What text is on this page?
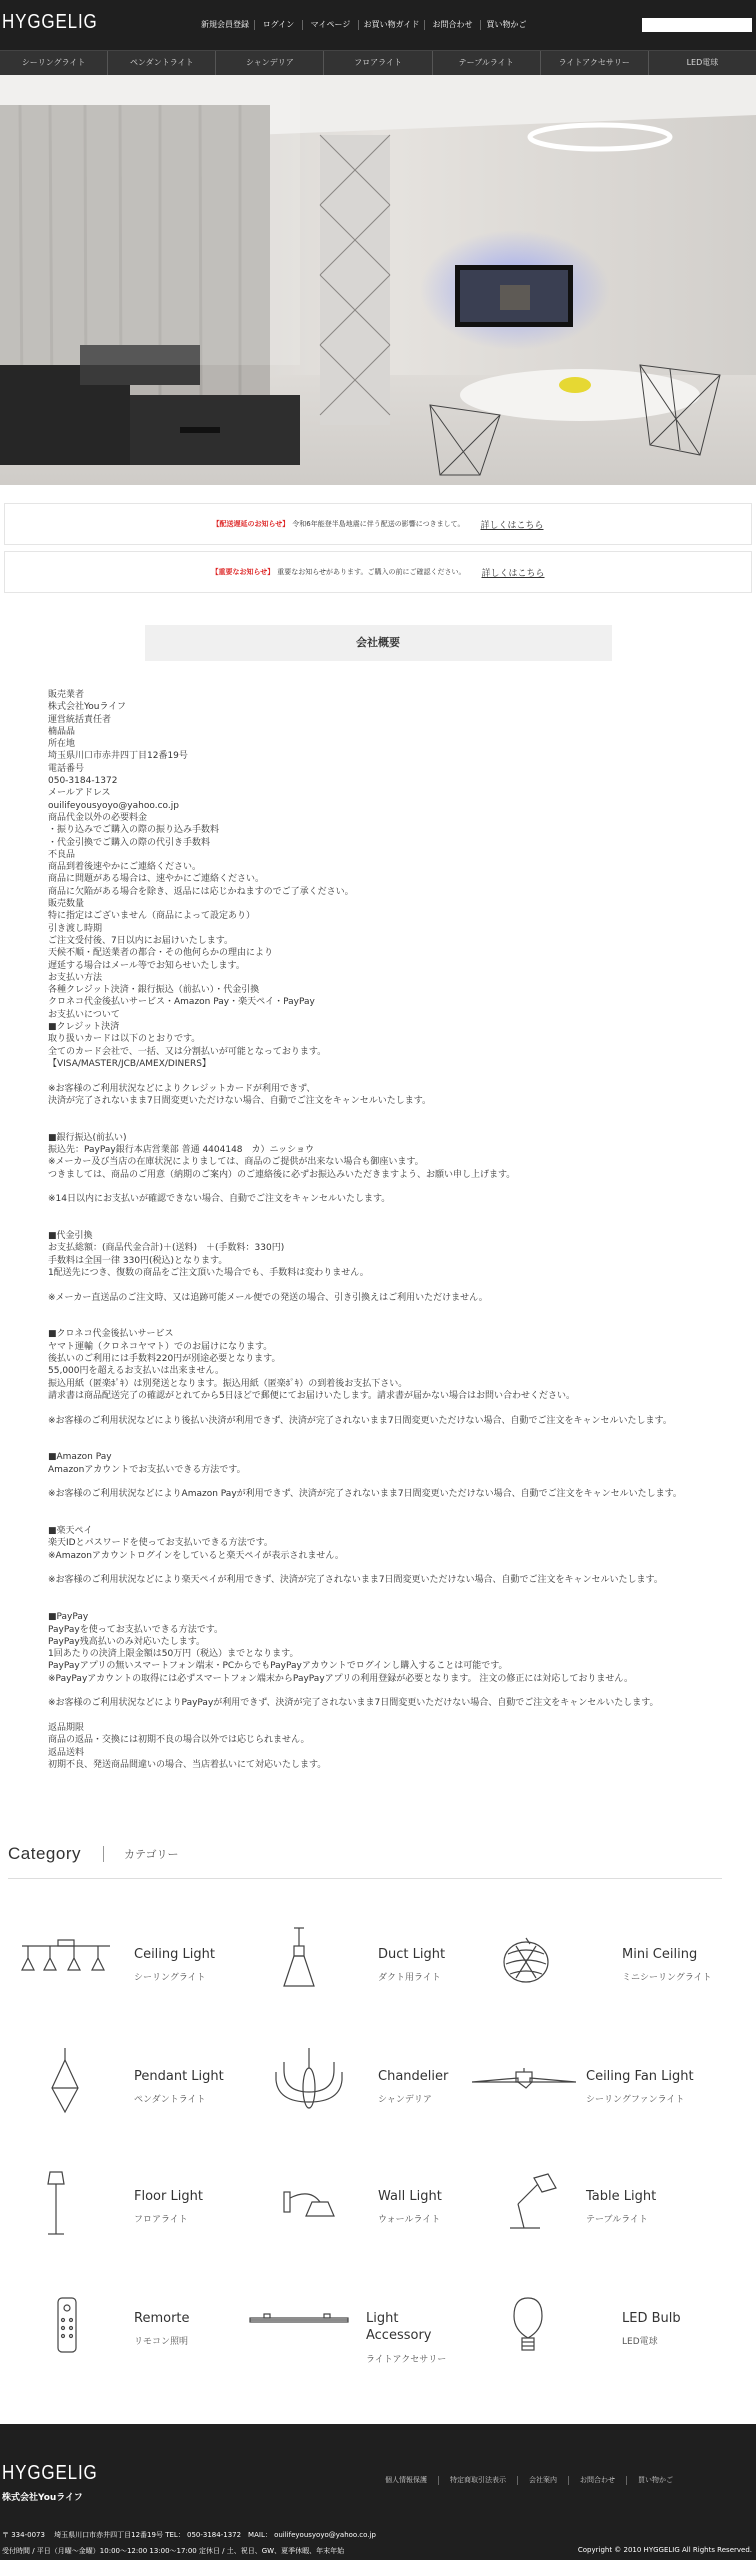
HYGGELIG	新規会員登録	ログイン	マイページ	お買い物ガイド	お問合わせ	買い物かご
シーリングライト	ペンダントライト	シャンデリア	フロアライト	テーブルライト	ライトアクセサリー	LED電球
【配送遅延のお知らせ】 令和6年能登半島地震に伴う配送の影響につきまして。 詳しくはこちら
【重要なお知らせ】 重要なお知らせがあります。ご購入の前にご確認ください。 詳しくはこちら
会社概要
販売業者
株式会社Youライフ
運営統括責任者
楠晶晶
所在地
埼玉県川口市赤井四丁目12番19号
電話番号
050-3184-1372
メールアドレス
ouilifeyousyoyo@yahoo.co.jp
商品代金以外の必要料金
・振り込みでご購入の際の振り込み手数料
・代金引換でご購入の際の代引き手数料
不良品
商品到着後速やかにご連絡ください。
商品に問題がある場合は、速やかにご連絡ください。
商品に欠陥がある場合を除き、返品には応じかねますのでご了承ください。
販売数量
特に指定はございません（商品によって設定あり）
引き渡し時期
ご注文受付後、7日以内にお届けいたします。
天候不順・配送業者の都合・その他何らかの理由により
遅延する場合はメール等でお知らせいたします。
お支払い方法
各種クレジット決済・銀行振込（前払い）・代金引換
クロネコ代金後払いサービス・Amazon Pay・楽天ペイ・PayPay
お支払いについて
■クレジット決済
取り扱いカードは以下のとおりです。
全てのカード会社で、一括、又は分割払いが可能となっております。
【VISA/MASTER/JCB/AMEX/DINERS】
※お客様のご利用状況などによりクレジットカードが利用できず、
決済が完了されないまま7日間変更いただけない場合、自動でご注文をキャンセルいたします。
■銀行振込(前払い)
振込先：PayPay銀行本店営業部 普通 4404148　カ）ニッショウ
※メーカー及び当店の在庫状況によりましては、商品のご提供が出来ない場合も御座います。
つきましては、商品のご用意（納期のご案内）のご連絡後に必ずお振込みいただきますよう、お願い申し上げます。
※14日以内にお支払いが確認できない場合、自動でご注文をキャンセルいたします。
■代金引換
お支払総額：(商品代金合計)＋(送料)　＋(手数料：330円)
手数料は全国一律 330円(税込)となります。
1配送先につき、復数の商品をご注文頂いた場合でも、手数料は変わりません。
※メーカー直送品のご注文時、又は追跡可能メール便での発送の場合、引き引換えはご利用いただけません。
■クロネコ代金後払いサービス
ヤマト運輸（クロネコヤマト）でのお届けになります。
後払いのご利用には手数料220円が別途必要となります。
55,000円を超えるお支払いは出来ません。
振込用紙（匿楽ﾎﾟｷ）は別発送となります。振込用紙（匿楽ﾎﾟｷ）の到着後お支払下さい。
請求書は商品配送完了の確認がとれてから5日ほどで郵便にてお届けいたします。請求書が届かない場合はお問い合わせください。
※お客様のご利用状況などにより後払い決済が利用できず、決済が完了されないまま7日間変更いただけない場合、自動でご注文をキャンセルいたします。
■Amazon Pay
Amazonアカウントでお支払いできる方法です。
※お客様のご利用状況などによりAmazon Payが利用できず、決済が完了されないまま7日間変更いただけない場合、自動でご注文をキャンセルいたします。
■楽天ペイ
楽天IDとパスワードを使ってお支払いできる方法です。
※Amazonアカウントログインをしていると楽天ペイが表示されません。
※お客様のご利用状況などにより楽天ペイが利用できず、決済が完了されないまま7日間変更いただけない場合、自動でご注文をキャンセルいたします。
■PayPay
PayPayを使ってお支払いできる方法です。
PayPay残高払いのみ対応いたします。
1回あたりの決済上限金額は50万円（税込）までとなります。
PayPayアプリの無いスマートフォン端末・PCからでもPayPayアカウントでログインし購入することは可能です。
※PayPayアカウントの取得には必ずスマートフォン端末からPayPayアプリの利用登録が必要となります。 注文の修正には対応しておりません。
※お客様のご利用状況などによりPayPayが利用できず、決済が完了されないまま7日間変更いただけない場合、自動でご注文をキャンセルいたします。
返品期限
商品の返品・交換には初期不良の場合以外では応じられません。
返品送料
初期不良、発送商品間違いの場合、当店着払いにて対応いたします。
Category	カテゴリー
Ceiling Light
シーリングライト
Duct Light
ダクト用ライト
Mini Ceiling
ミニシーリングライト
Pendant Light
ペンダントライト
Chandelier
シャンデリア
Ceiling Fan Light
シーリングファンライト
Floor Light
フロアライト
Wall Light
ウォールライト
Table Light
テーブルライト
Remorte
リモコン照明
Light
Accessory
ライトアクセサリー
LED Bulb
LED電球
HYGGELIG
株式会社Youライフ
個人情報保護	特定商取引法表示	会社案内	お問合わせ	買い物かご
〒 334-0073　 埼玉県川口市赤井四丁目12番19号 TEL： 050-3184-1372　MAIL： ouilifeyousyoyo@yahoo.co.jp
受付時間 / 平日（月曜～金曜）10:00～12:00 13:00～17:00 定休日 / 土、祝日、GW、夏季休暇、年末年始	Copyright © 2010 HYGGELIG All Rights Reserved.
